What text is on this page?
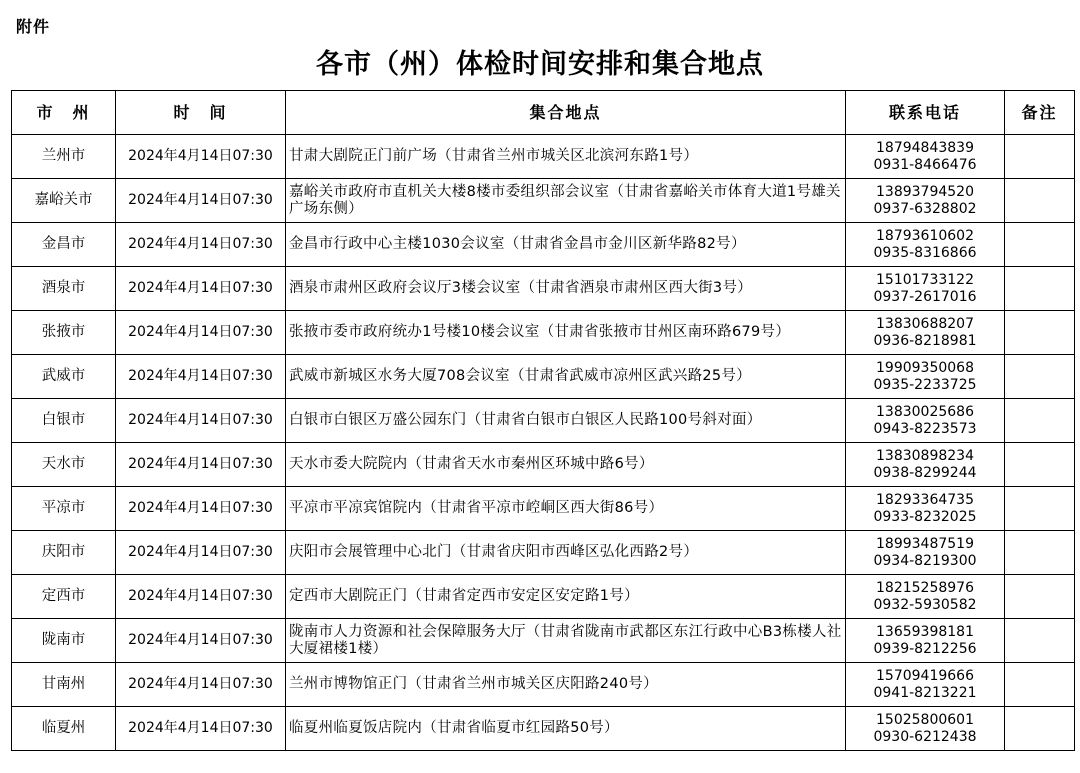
附件
各市（州）体检时间安排和集合地点
市　州	时　间	集合地点	联系电话	备注
兰州市	2024年4月14日07:30	甘肃大剧院正门前广场（甘肃省兰州市城关区北滨河东路1号）	18794843839
0931-8466476	

嘉峪关市	2024年4月14日07:30	嘉峪关市政府市直机关大楼8楼市委组织部会议室（甘肃省嘉峪关市体育大道1号雄关广场东侧）	13893794520
0937-6328802	

金昌市	2024年4月14日07:30	金昌市行政中心主楼1030会议室（甘肃省金昌市金川区新华路82号）	18793610602
0935-8316866	

酒泉市	2024年4月14日07:30	酒泉市肃州区政府会议厅3楼会议室（甘肃省酒泉市肃州区西大街3号）	15101733122
0937-2617016	

张掖市	2024年4月14日07:30	张掖市委市政府统办1号楼10楼会议室（甘肃省张掖市甘州区南环路679号）	13830688207
0936-8218981	

武威市	2024年4月14日07:30	武威市新城区水务大厦708会议室（甘肃省武威市凉州区武兴路25号）	19909350068
0935-2233725	

白银市	2024年4月14日07:30	白银市白银区万盛公园东门（甘肃省白银市白银区人民路100号斜对面）	13830025686
0943-8223573	

天水市	2024年4月14日07:30	天水市委大院院内（甘肃省天水市秦州区环城中路6号）	13830898234
0938-8299244	

平凉市	2024年4月14日07:30	平凉市平凉宾馆院内（甘肃省平凉市崆峒区西大街86号）	18293364735
0933-8232025	

庆阳市	2024年4月14日07:30	庆阳市会展管理中心北门（甘肃省庆阳市西峰区弘化西路2号）	18993487519
0934-8219300	

定西市	2024年4月14日07:30	定西市大剧院正门（甘肃省定西市安定区安定路1号）	18215258976
0932-5930582	

陇南市	2024年4月14日07:30	陇南市人力资源和社会保障服务大厅（甘肃省陇南市武都区东江行政中心B3栋楼人社大厦裙楼1楼）	13659398181
0939-8212256	

甘南州	2024年4月14日07:30	兰州市博物馆正门（甘肃省兰州市城关区庆阳路240号）	15709419666
0941-8213221	

临夏州	2024年4月14日07:30	临夏州临夏饭店院内（甘肃省临夏市红园路50号）	15025800601
0930-6212438	
